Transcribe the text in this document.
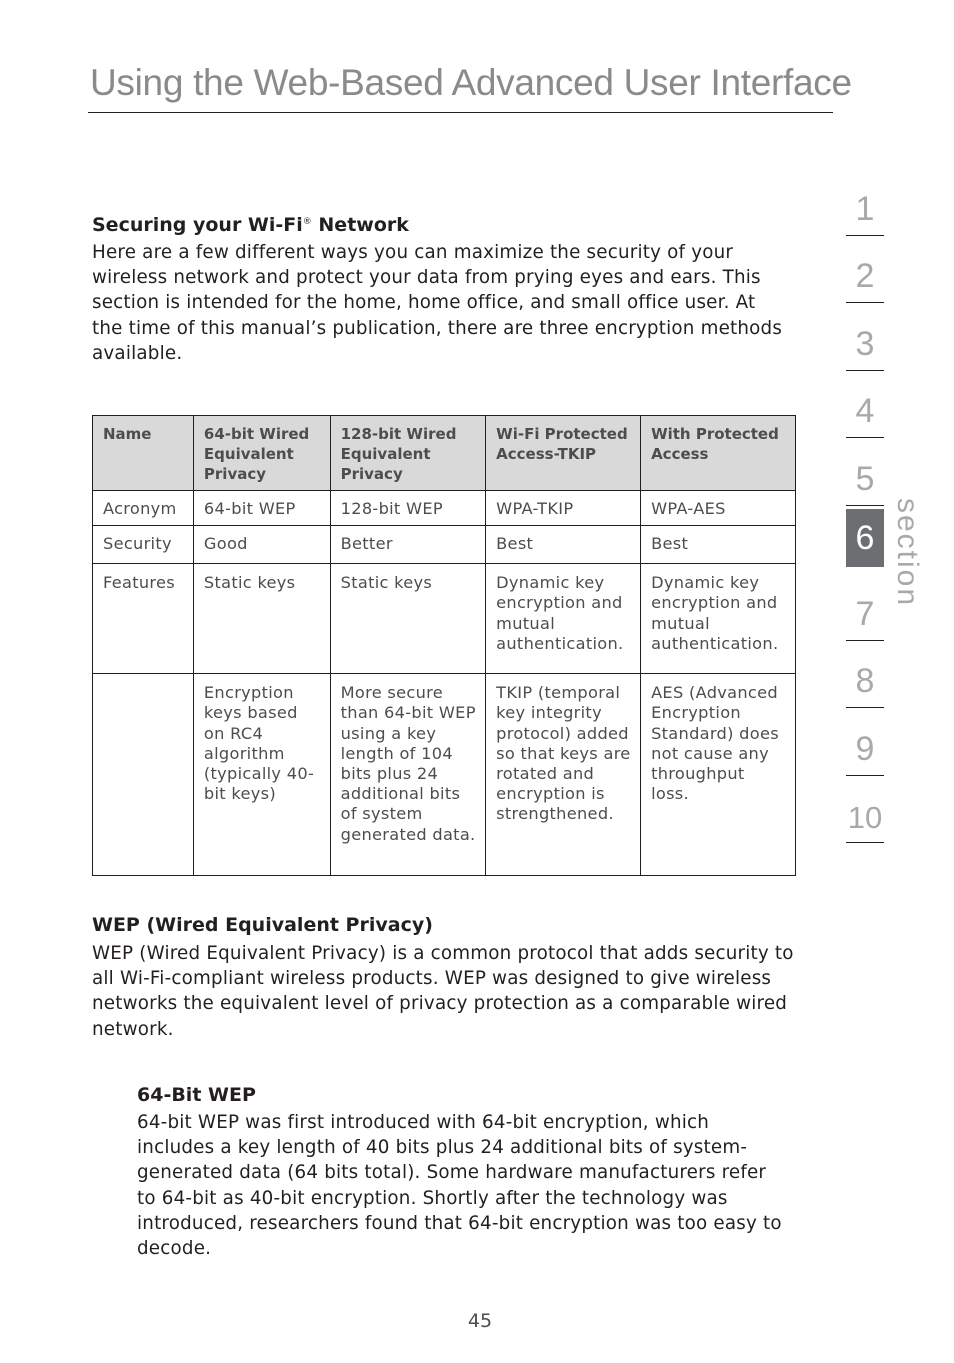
Using the Web-Based Advanced User Interface
1
2
3
4
5
6
7
8
9
10
section
Securing your Wi-Fi® Network
Here are a few different ways you can maximize the security of your wireless network and protect your data from prying eyes and ears. This section is intended for the home, home office, and small office user. At the time of this manual’s publication, there are three encryption methods available.
Name	64-bit Wired Equivalent Privacy	128-bit Wired Equivalent Privacy	Wi-Fi Protected Access-TKIP	With Protected Access
Acronym	64-bit WEP	128-bit WEP	WPA-TKIP	WPA-AES
Security	Good	Better	Best	Best
Features	Static keys	Static keys	Dynamic key encryption and mutual authentication.	Dynamic key encryption and mutual authentication.
	Encryption keys based on RC4 algorithm (typically 40-bit keys)	More secure than 64-bit WEP using a key length of 104 bits plus 24 additional bits of system generated data.	TKIP (temporal key integrity protocol) added so that keys are rotated and encryption is strengthened.	AES (Advanced Encryption Standard) does not cause any throughput loss.
WEP (Wired Equivalent Privacy)
WEP (Wired Equivalent Privacy) is a common protocol that adds security to all Wi-Fi-compliant wireless products. WEP was designed to give wireless networks the equivalent level of privacy protection as a comparable wired network.
64-Bit WEP
64-bit WEP was first introduced with 64-bit encryption, which includes a key length of 40 bits plus 24 additional bits of system-generated data (64 bits total). Some hardware manufacturers refer to 64-bit as 40-bit encryption. Shortly after the technology was introduced, researchers found that 64-bit encryption was too easy to decode.
45
